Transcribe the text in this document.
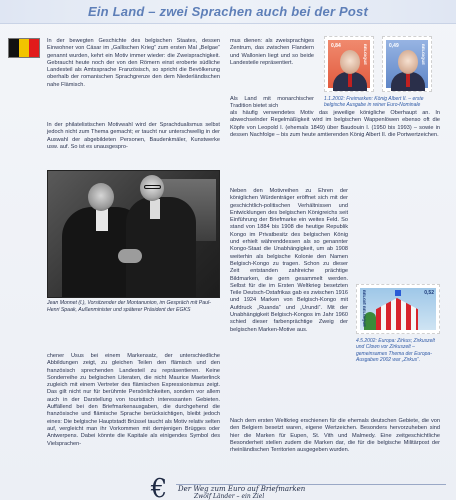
Ein Land – zwei Sprachen auch bei der Post

In der bewegten Geschichte des belgischen Staates, dessen Einwohner von Cäsar im „Gallischen Krieg“ zum ersten Mal „Belgae“ genannt wurden, kehrt ein Motiv immer wieder: die Zweisprachigkeit. Gebraucht heute noch der von den Römern einst eroberte südliche Landesteil als Amtssprache Französisch, so spricht die Bevölkerung oberhalb der romanischen Sprachgrenze den dem Niederländischen nahe Flämisch.

In der philatelistischen Motivwahl wird der Sprachdualismus selbst jedoch nicht zum Thema gemacht; er taucht nur unterschwellig in der Auswahl der abgebildeten Personen, Baudenkmäler, Kunstwerke usw. auf. So ist es unausgespro-

Jean Monnet (l.), Vorsitzender der Montanunion, im Gespräch mit Paul-Henri Spaak, Außenminister und späterer Präsident der EGKS

chener Usus bei einem Markensatz, der unterschiedliche Abbildungen zeigt, zu gleichen Teilen den flämisch und den französisch sprechenden Landesteil zu repräsentieren. Keine Sonderreihe zu belgischen Literaten, die nicht Maurice Maeterlinck zugleich mit einem Vertreter des flämischen Expressionismus zeigt. Das gilt nicht nur für berühmte Persönlichkeiten, sondern vor allem auch in der Darstellung von touristisch interessanten Gebieten. Auffällend bei den Briefmarkenausgaben, die durchgehend die französische und flämische Sprache berücksichtigen, bleibt jedoch eines: Die belgische Hauptstadt Brüssel taucht als Motiv relativ selten auf, vergleicht man ihr Vorkommen mit demjenigen Brügges oder Antwerpens. Dabei könnte die Kapitale als einigendes Symbol des Vielsprachen-

mus dienen: als zweisprachiges Zentrum, das zwischen Flandern und Wallonien liegt und so beide Landesteile repräsentiert.

Als Land mit monarchischer Tradition bietet sich

0,84	BELGIQUE	0,49	BELGIQUE
1.1.2002: Freimarken: König Albert II. – erste belgische Ausgabe in reiner Euro-Nominale

als häufig verwendetes Motiv das jeweilige königliche Oberhaupt an. In abwechselnder Regelmäßigkeit wird im belgischen Wappenlöwen ebenso oft die Köpfe von Leopold I. (ehemals 1849) über Baudouin I. (1950 bis 1993) – sowie in dessen Nachfolge – bis zum heute amtierenden König Albert II. die Portwertzeichen.

Neben den Motivreihen zu Ehren der königlichen Würdenträger eröffnet sich mit der geschichtlich-politischen Verhältnissen und Entwicklungen des belgischen Königreichs seit Einführung der Briefmarke ein weites Feld. So stand von 1884 bis 1908 die heutige Republik Kongo im Privatbesitz des belgischen König und erhielt währenddessen als so genannter Kongo-Staat die Unabhängigkeit, um ab 1908 weiterhin als belgische Kolonie den Namen Belgisch-Kongo zu tragen. Schon zu dieser Zeit entstanden zahlreiche prächtige Bildmarken, die gern gesammelt werden. Selbst für die im Ersten Weltkrieg besetzten Teile Deutsch-Ostafrikas gab es zwischen 1916 und 1924 Marken von Belgisch-Kongo mit Aufdruck „Ruanda“ und „Urundi“. Mit der Unabhängigkeit Belgisch-Kongos im Jahr 1960 schied dieser farbenprächtige Zweig der belgischen Marken-Motive aus.

BELGIË BELGIQUE	0,52
4.5.2002: Europa: Zirkus; Zirkuszelt und Clown vor Zirkuszelt – gemeinsames Thema der Europa-Ausgaben 2002 war „Zirkus“.

Nach dem ersten Weltkrieg erschienen für die ehemals deutschen Gebiete, die von den Belgiern besetzt waren, eigene Wertzeichen. Besonders hervorzuheben sind hier die Marken für Eupen, St. Vith und Malmedy. Eine zeitgeschichtliche Besonderheit stellen zudem die Marken dar, die für die belgische Militärpost der rheinländischen Territorien ausgegeben wurden.

€	Der Weg zum Euro auf Briefmarken
Zwölf Länder – ein Ziel
